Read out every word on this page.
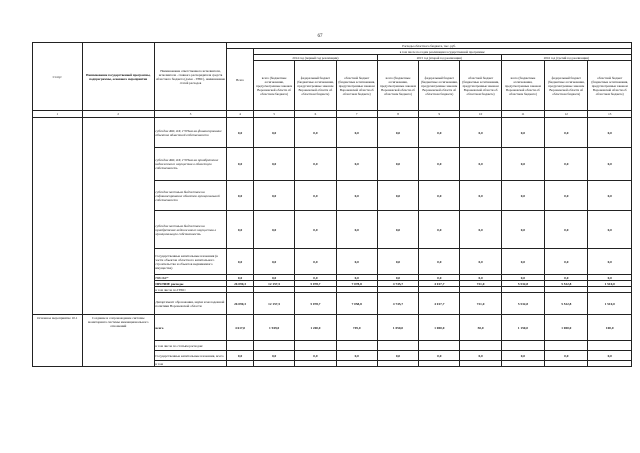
67
Статус	Наименование государственной программы, подпрограммы, основного мероприятия	Наименование ответственного исполнителя, исполнителя - главного распорядителя средств областного бюджета (далее - ГРБС), наименование статей расходов	Расходы областного бюджета, тыс. руб.									
			Всего	в том числе по годам реализации государственной программы:								
				2014 год (первый год реализации)			2015 год (второй год реализации)			2016 год (третий год реализации)		
				всего (бюджетные ассигнования, предусмотренные законом Воронежской области об областном бюджете)	федеральный бюджет (бюджетные ассигнования, предусмотренные законом Воронежской области об областном бюджете)	областной бюджет (бюджетные ассигнования, предусмотренные законом Воронежской области об областном бюджете)	всего (бюджетные ассигнования, предусмотренные законом Воронежской области об областном бюджете)	федеральный бюджет (бюджетные ассигнования, предусмотренные законом Воронежской области об областном бюджете)	областной бюджет (бюджетные ассигнования, предусмотренные законом Воронежской области об областном бюджете)	всего (бюджетные ассигнования, предусмотренные законом Воронежской области об областном бюджете)	федеральный бюджет (бюджетные ассигнования, предусмотренные законом Воронежской области об областном бюджете)	областной бюджет (бюджетные ассигнования, предусмотренные законом Воронежской области об областном бюджете)
1	2	3	4	5	6	7	8	9	10	11	12	13
		субсидии ЖК, КХ, ГУПам на финансирование объектов областной собственности	0,0	0,0	0,0	0,0	0,0	0,0	0,0	0,0	0,0	0,0
		субсидии ЖК, КХ, ГУПам на приобретение недвижимого имущества в областную собственность	0,0	0,0	0,0	0,0	0,0	0,0	0,0	0,0	0,0	0,0
		субсидии местным бюджетам на софинансирование объектов муниципальной собственности	0,0	0,0	0,0	0,0	0,0	0,0	0,0	0,0	0,0	0,0
		субсидии местным бюджетам на приобретение недвижимого имущества в муниципальную собственность	0,0	0,0	0,0	0,0	0,0	0,0	0,0	0,0	0,0	0,0
		Государственные капитальные вложения (в части объектов областного капитального строительства и объектов недвижимого имущества)	0,0	0,0	0,0	0,0	0,0	0,0	0,0	0,0	0,0	0,0
		НИОКР*	0,0	0,0	0,0	0,0	0,0	0,0	0,0	0,0	0,0	0,0
		ПРОЧИЕ расходы	26 090,3	12 157,5	5 078,7	7 078,8	4 745,7	4 017,7	721,0	5 532,8	5 522,8	1 510,0
		в том числе по ГРБС:										
		Департамент образования, науки и молодежной политики Воронежской области	26 090,3	12 157,5	5 078,7	7 058,8	4 745,7	4 017,7	721,0	5 532,8	5 522,8	1 510,0
Основное мероприятие 10.1	Создание и сопровождение системы мониторинга системы межнационального отношений	всего	4 617,0	1 949,0	1 200,0	749,0	1 050,0	1 000,0	50,0	1 150,0	1 000,0	100,0
		в том числе по статьям расходов:										
		Государственные капитальные вложения, всего	0,0	0,0	0,0	0,0	0,0	0,0	0,0	0,0	0,0	0,0
		в том										
